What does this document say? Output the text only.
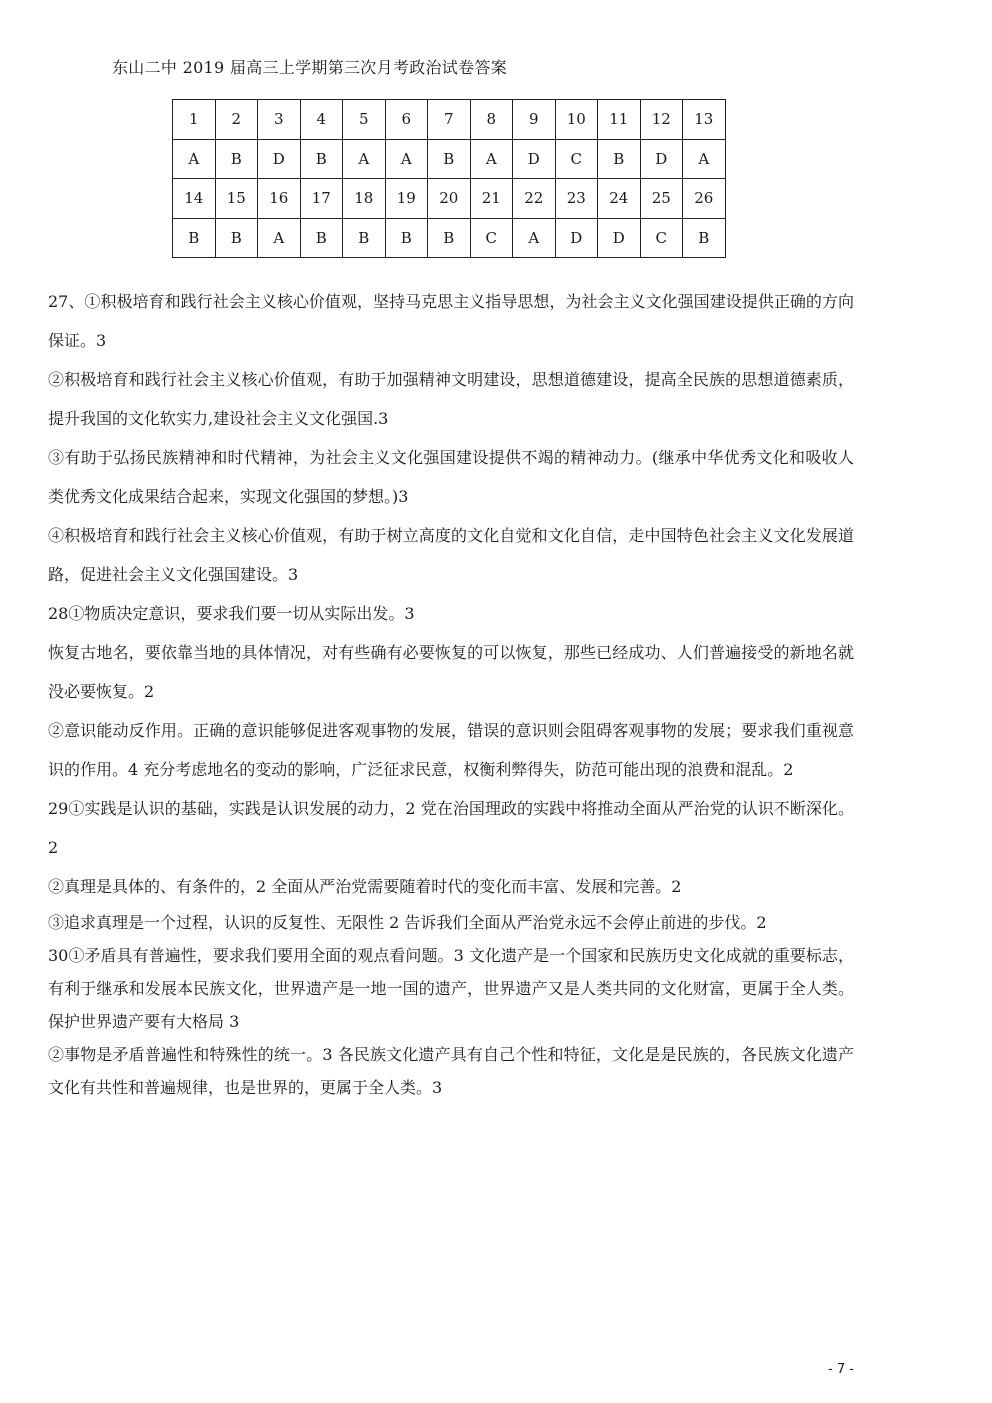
东山二中 2019 届高三上学期第三次月考政治试卷答案
1	2	3	4	5	6	7	8	9	10	11	12	13
A	B	D	B	A	A	B	A	D	C	B	D	A
14	15	16	17	18	19	20	21	22	23	24	25	26
B	B	A	B	B	B	B	C	A	D	D	C	B

27、①积极培育和践行社会主义核心价值观，坚持马克思主义指导思想，为社会主义文化强国建设提供正确的方向保证。3

②积极培育和践行社会主义核心价值观，有助于加强精神文明建设，思想道德建设，提高全民族的思想道德素质，提升我国的文化软实力,建设社会主义文化强国.3

③有助于弘扬民族精神和时代精神，为社会主义文化强国建设提供不竭的精神动力。(继承中华优秀文化和吸收人类优秀文化成果结合起来，实现文化强国的梦想。)3

④积极培育和践行社会主义核心价值观，有助于树立高度的文化自觉和文化自信，走中国特色社会主义文化发展道路，促进社会主义文化强国建设。3

28①物质决定意识，要求我们要一切从实际出发。3

恢复古地名，要依靠当地的具体情况，对有些确有必要恢复的可以恢复，那些已经成功、人们普遍接受的新地名就没必要恢复。2

②意识能动反作用。正确的意识能够促进客观事物的发展，错误的意识则会阻碍客观事物的发展；要求我们重视意识的作用。4 充分考虑地名的变动的影响，广泛征求民意，权衡利弊得失，防范可能出现的浪费和混乱。2

29①实践是认识的基础，实践是认识发展的动力，2 党在治国理政的实践中将推动全面从严治党的认识不断深化。2

②真理是具体的、有条件的，2 全面从严治党需要随着时代的变化而丰富、发展和完善。2

③追求真理是一个过程，认识的反复性、无限性 2 告诉我们全面从严治党永远不会停止前进的步伐。2

30①矛盾具有普遍性，要求我们要用全面的观点看问题。3 文化遗产是一个国家和民族历史文化成就的重要标志，有利于继承和发展本民族文化，世界遗产是一地一国的遗产，世界遗产又是人类共同的文化财富，更属于全人类。保护世界遗产要有大格局 3

②事物是矛盾普遍性和特殊性的统一。3 各民族文化遗产具有自己个性和特征，文化是是民族的，各民族文化遗产文化有共性和普遍规律，也是世界的，更属于全人类。3

- 7 -
